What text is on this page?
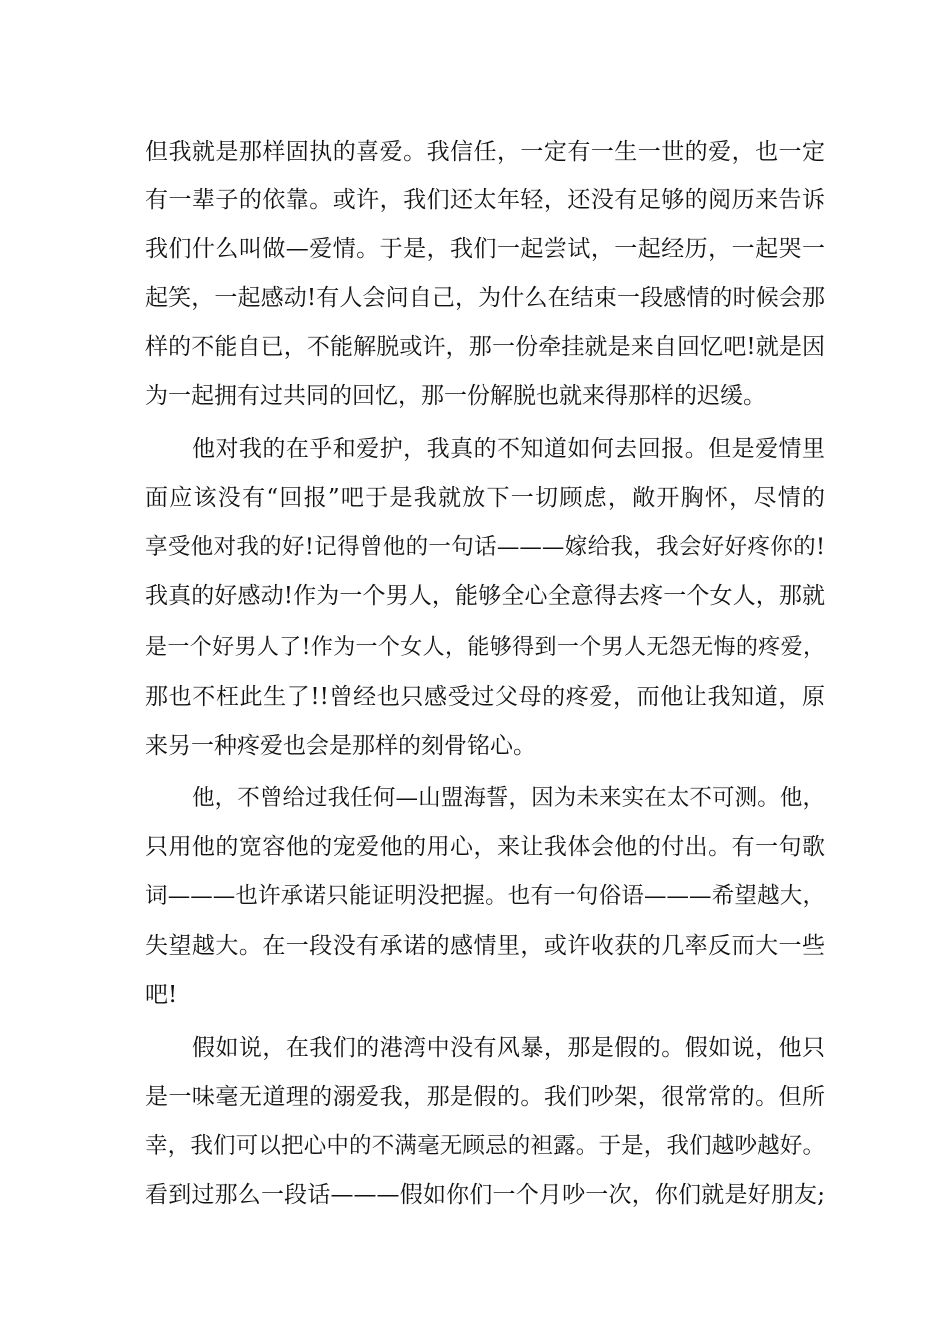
但我就是那样固执的喜爱。我信任，一定有一生一世的爱，也一定
有一辈子的依靠。或许，我们还太年轻，还没有足够的阅历来告诉
我们什么叫做—爱情。于是，我们一起尝试，一起经历，一起哭一
起笑，一起感动!有人会问自己，为什么在结束一段感情的时候会那
样的不能自已，不能解脱或许，那一份牵挂就是来自回忆吧!就是因
为一起拥有过共同的回忆，那一份解脱也就来得那样的迟缓。
他对我的在乎和爱护，我真的不知道如何去回报。但是爱情里
面应该没有“回报”吧于是我就放下一切顾虑，敞开胸怀，尽情的
享受他对我的好!记得曾他的一句话———嫁给我，我会好好疼你的!
我真的好感动!作为一个男人，能够全心全意得去疼一个女人，那就
是一个好男人了!作为一个女人，能够得到一个男人无怨无悔的疼爱，
那也不枉此生了!!曾经也只感受过父母的疼爱，而他让我知道，原
来另一种疼爱也会是那样的刻骨铭心。
他，不曾给过我任何—山盟海誓，因为未来实在太不可测。他，
只用他的宽容他的宠爱他的用心，来让我体会他的付出。有一句歌
词———也许承诺只能证明没把握。也有一句俗语———希望越大，
失望越大。在一段没有承诺的感情里，或许收获的几率反而大一些
吧!
假如说，在我们的港湾中没有风暴，那是假的。假如说，他只
是一味毫无道理的溺爱我，那是假的。我们吵架，很常常的。但所
幸，我们可以把心中的不满毫无顾忌的袒露。于是，我们越吵越好。
看到过那么一段话———假如你们一个月吵一次，你们就是好朋友;
